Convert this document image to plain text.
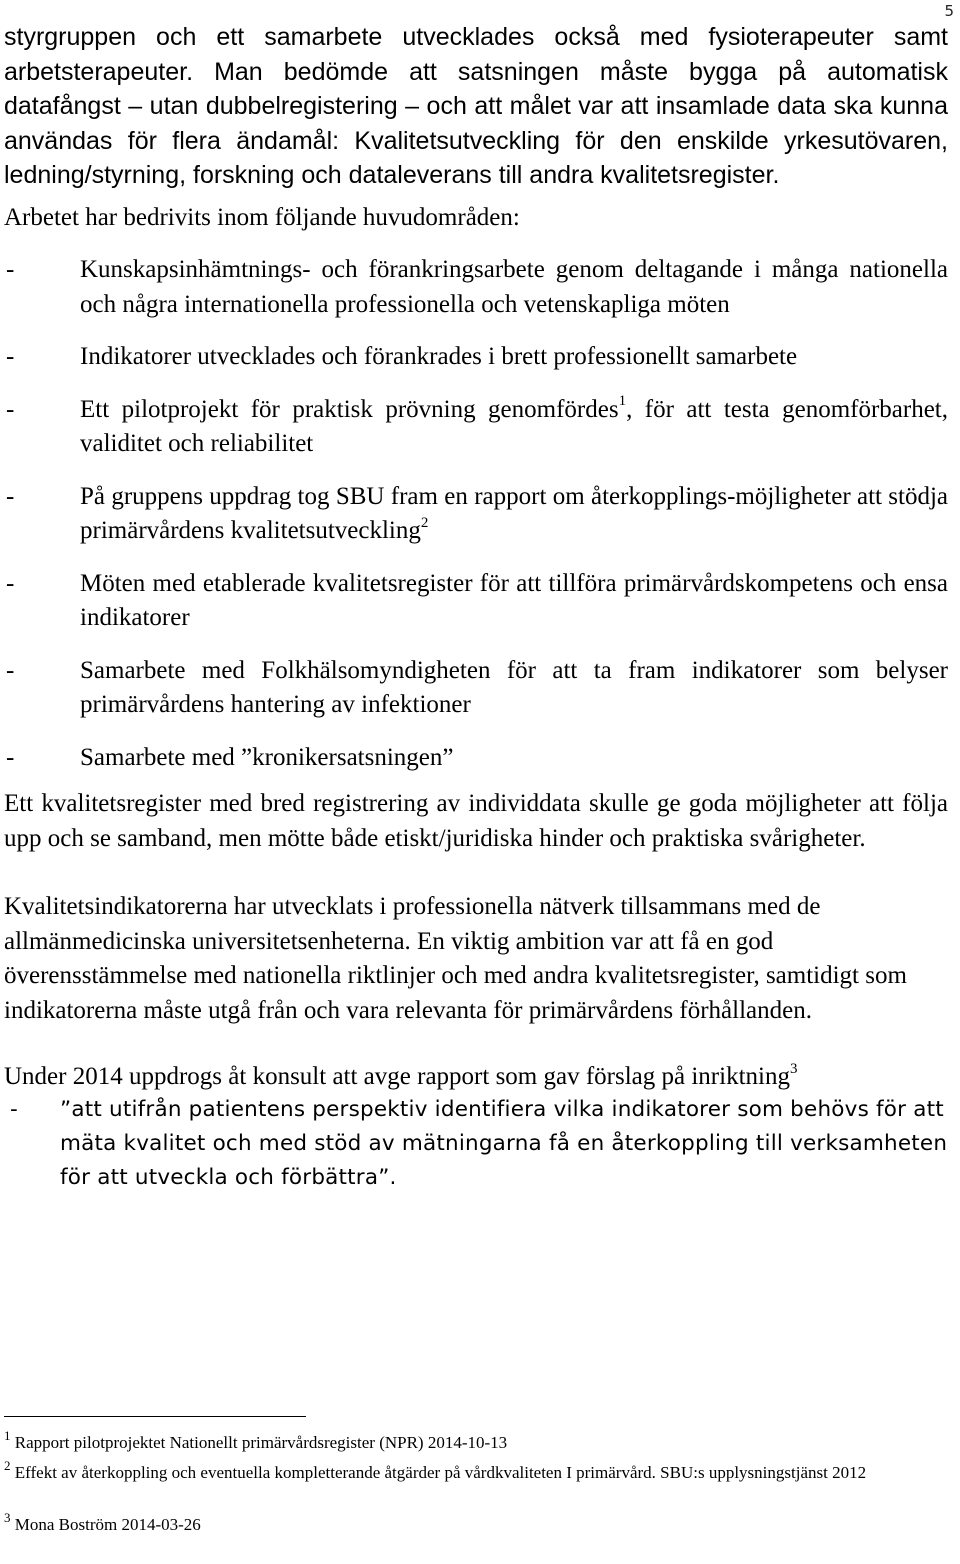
5

styrgruppen och ett samarbete utvecklades också med fysioterapeuter samt arbetsterapeuter. Man bedömde att satsningen måste bygga på automatisk datafångst – utan dubbelregistering – och att målet var att insamlade data ska kunna användas för flera ändamål: Kvalitetsutveckling för den enskilde yrkesutövaren, ledning/styrning, forskning och dataleverans till andra kvalitetsregister.

Arbetet har bedrivits inom följande huvudområden:

- Kunskapsinhämtnings- och förankringsarbete genom deltagande i många nationella och några internationella professionella och vetenskapliga möten
- Indikatorer utvecklades och förankrades i brett professionellt samarbete
- Ett pilotprojekt för praktisk prövning genomfördes$^1$, för att testa genomförbarhet, validitet och reliabilitet
- På gruppens uppdrag tog SBU fram en rapport om återkopplings-möjligheter att stödja primärvårdens kvalitetsutveckling$^2$
- Möten med etablerade kvalitetsregister för att tillföra primärvårdskompetens och ensa indikatorer
- Samarbete med Folkhälsomyndigheten för att ta fram indikatorer som belyser primärvårdens hantering av infektioner
- Samarbete med ”kronikersatsningen”

Ett kvalitetsregister med bred registrering av individdata skulle ge goda möjligheter att följa upp och se samband, men mötte både etiskt/juridiska hinder och praktiska svårigheter.

Kvalitetsindikatorerna har utvecklats i professionella nätverk tillsammans med de allmänmedicinska universitetsenheterna. En viktig ambition var att få en god överensstämmelse med nationella riktlinjer och med andra kvalitetsregister, samtidigt som indikatorerna måste utgå från och vara relevanta för primärvårdens förhållanden.

Under 2014 uppdrogs åt konsult att avge rapport som gav förslag på inriktning$^3$

- ”att utifrån patientens perspektiv identifiera vilka indikatorer som behövs för att mäta kvalitet och med stöd av mätningarna få en återkoppling till verksamheten för att utveckla och förbättra”.

$^1$ Rapport pilotprojektet Nationellt primärvårdsregister (NPR) 2014-10-13

$^2$ Effekt av återkoppling och eventuella kompletterande åtgärder på vårdkvaliteten I primärvård. SBU:s upplysningstjänst 2012

$^3$ Mona Boström 2014-03-26
